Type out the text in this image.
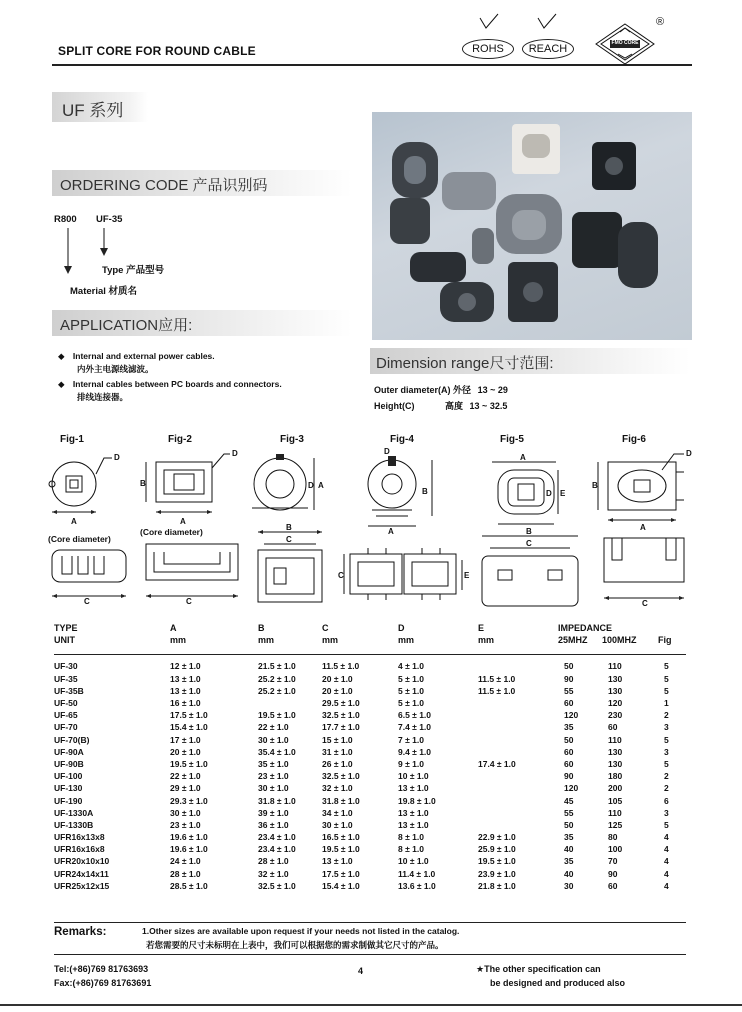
SPLIT CORE FOR ROUND CABLE	ROHS	REACH	FMO CORE
®
UF 系列
ORDERING CODE 产品识别码
R800 UF-35
Type 产品型号
Material 材质名
APPLICATION应用:
◆ Internal and external power cables.
内外主电源线滤波。
◆ Internal cables between PC boards and connectors.
排线连接器。
Dimension range尺寸范围:
Outer diameter(A) 外径 13 ~ 29
Height(C)	高度 13 ~ 32.5
Fig-1	Fig-2	Fig-3	Fig-4	Fig-5	Fig-6
A
D
(Core diameter)
C
B
A
D
(Core diameter)
C
D A
B
C
B
A
D
C	E
A
D E
B
C
D
B
A
C
TYPE	A	B	C	D	E	IMPEDANCE		
UNIT	mm	mm	mm	mm	mm	25MHZ	100MHZ	Fig

UF-30	12 ± 1.0	21.5 ± 1.0	11.5 ± 1.0	4 ± 1.0		50	110	5
UF-35	13 ± 1.0	25.2 ± 1.0	20 ± 1.0	5 ± 1.0	11.5 ± 1.0	90	130	5
UF-35B	13 ± 1.0	25.2 ± 1.0	20 ± 1.0	5 ± 1.0	11.5 ± 1.0	55	130	5
UF-50	16 ± 1.0		29.5 ± 1.0	5 ± 1.0		60	120	1
UF-65	17.5 ± 1.0	19.5 ± 1.0	32.5 ± 1.0	6.5 ± 1.0		120	230	2
UF-70	15.4 ± 1.0	22 ± 1.0	17.7 ± 1.0	7.4 ± 1.0		35	60	3
UF-70(B)	17 ± 1.0	30 ± 1.0	15 ± 1.0	7 ± 1.0		50	110	5
UF-90A	20 ± 1.0	35.4 ± 1.0	31 ± 1.0	9.4 ± 1.0		60	130	3
UF-90B	19.5 ± 1.0	35 ± 1.0	26 ± 1.0	9 ± 1.0	17.4 ± 1.0	60	130	5
UF-100	22 ± 1.0	23 ± 1.0	32.5 ± 1.0	10 ± 1.0		90	180	2
UF-130	29 ± 1.0	30 ± 1.0	32 ± 1.0	13 ± 1.0		120	200	2
UF-190	29.3 ± 1.0	31.8 ± 1.0	31.8 ± 1.0	19.8 ± 1.0		45	105	6
UF-1330A	30 ± 1.0	39 ± 1.0	34 ± 1.0	13 ± 1.0		55	110	3
UF-1330B	23 ± 1.0	36 ± 1.0	30 ± 1.0	13 ± 1.0		50	125	5
UFR16x13x8	19.6 ± 1.0	23.4 ± 1.0	16.5 ± 1.0	8 ± 1.0	22.9 ± 1.0	35	80	4
UFR16x16x8	19.6 ± 1.0	23.4 ± 1.0	19.5 ± 1.0	8 ± 1.0	25.9 ± 1.0	40	100	4
UFR20x10x10	24 ± 1.0	28 ± 1.0	13 ± 1.0	10 ± 1.0	19.5 ± 1.0	35	70	4
UFR24x14x11	28 ± 1.0	32 ± 1.0	17.5 ± 1.0	11.4 ± 1.0	23.9 ± 1.0	40	90	4
UFR25x12x15	28.5 ± 1.0	32.5 ± 1.0	15.4 ± 1.0	13.6 ± 1.0	21.8 ± 1.0	30	60	4
Remarks:	1.Other sizes are available upon request if your needs not listed in the catalog.
若您需要的尺寸未标明在上表中，我们可以根据您的需求制做其它尺寸的产品。
Tel:(+86)769 81763693
Fax:(+86)769 81763691
4	★The other specification can
be designed and produced also
